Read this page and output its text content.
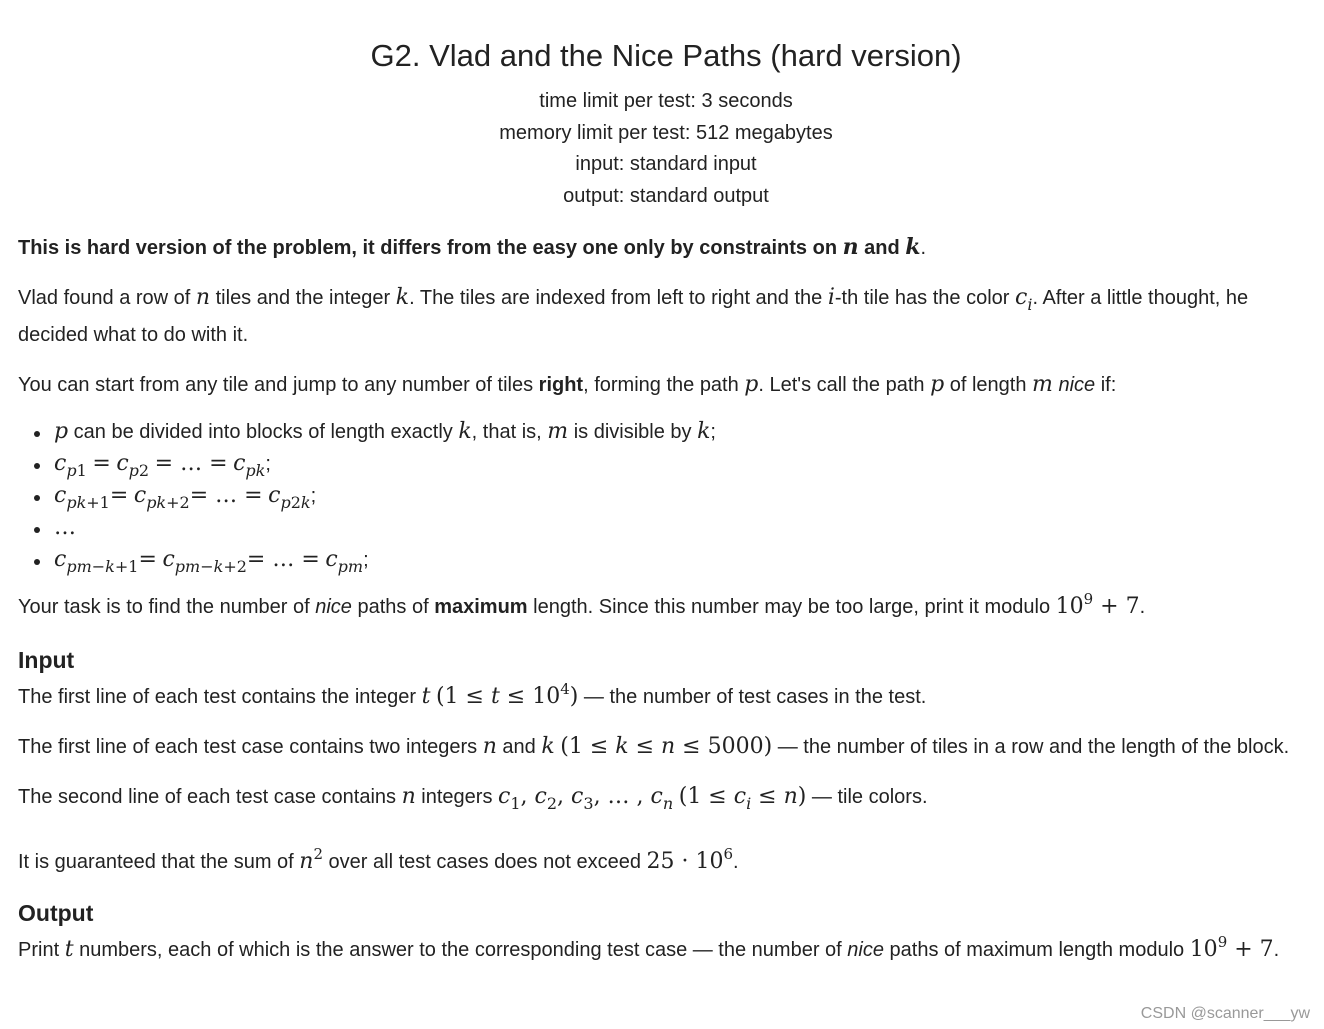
G2. Vlad and the Nice Paths (hard version)
time limit per test: 3 seconds
memory limit per test: 512 megabytes
input: standard input
output: standard output

This is hard version of the problem, it differs from the easy one only by constraints on n and k.

Vlad found a row of n tiles and the integer k. The tiles are indexed from left to right and the i-th tile has the color $c_i$. After a little thought, he decided what to do with it.

You can start from any tile and jump to any number of tiles right, forming the path p. Let's call the path p of length m nice if:

p can be divided into blocks of length exactly k, that is, m is divisible by k;
$c_{p1} = c_{p2}$ = … = $c_{pk}$;
$c_{pk+1}= c_{pk+2}=$ … = $c_{p2k}$;
…
$c_{pm-k+1}= c_{pm-k+2}=$ … = $c_{pm}$;

Your task is to find the number of nice paths of maximum length. Since this number may be too large, print it modulo $10^9 + 7$.

Input

The first line of each test contains the integer t $(1 \le t \le 10^4)$ — the number of test cases in the test.

The first line of each test case contains two integers n and k (1 ≤ k ≤ n ≤ 5000) — the number of tiles in a row and the length of the block.

The second line of each test case contains n integers $c_1$, $c_2$, $c_3$, … , $c_n$ $(1 \le c_i \le n)$ — tile colors.

It is guaranteed that the sum of $n^2$ over all test cases does not exceed $25 \cdot 10^6$.

Output

Print t numbers, each of which is the answer to the corresponding test case — the number of nice paths of maximum length modulo $10^9 + 7$.

CSDN @scanner___yw
